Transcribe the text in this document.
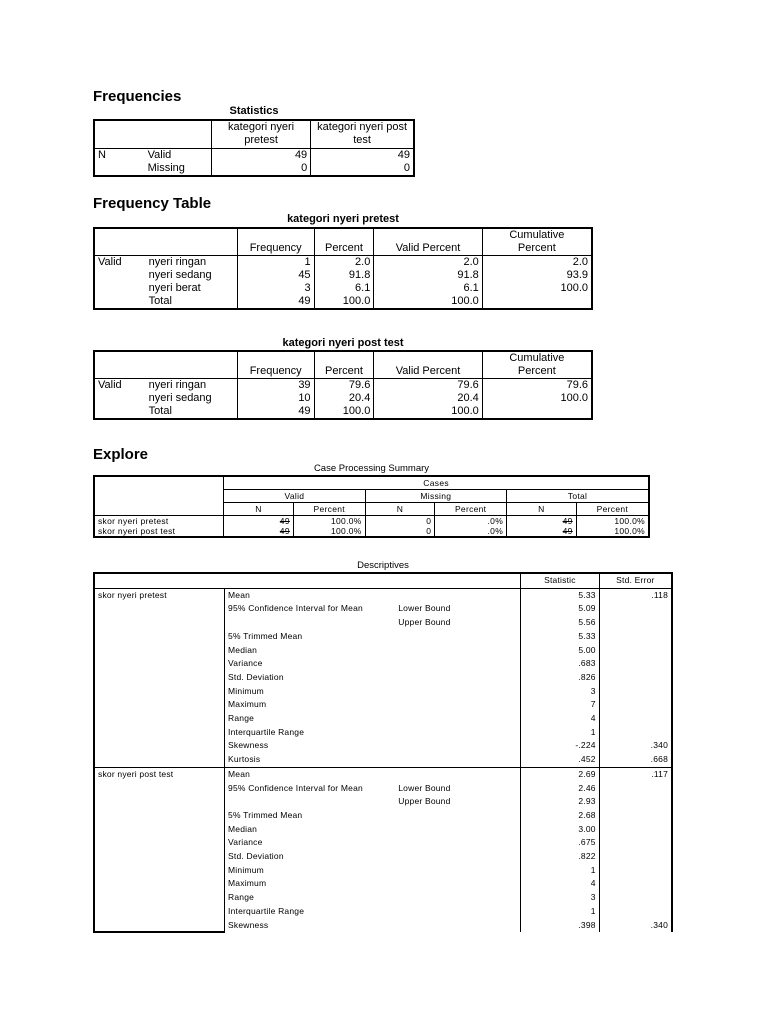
Frequencies
Statistics
		kategori nyeri pretest	kategori nyeri post test
N	Valid	49	49
	Missing	0	0
Frequency Table
kategori nyeri pretest
		Frequency	Percent	Valid Percent	Cumulative Percent
Valid	nyeri ringan	1	2.0	2.0	2.0
	nyeri sedang	45	91.8	91.8	93.9
	nyeri berat	3	6.1	6.1	100.0
	Total	49	100.0	100.0	
kategori nyeri post test
		Frequency	Percent	Valid Percent	Cumulative Percent
Valid	nyeri ringan	39	79.6	79.6	79.6
	nyeri sedang	10	20.4	20.4	100.0
	Total	49	100.0	100.0	
Explore
Case Processing Summary
	Cases					
	Valid		Missing		Total	
	N	Percent	N	Percent	N	Percent
skor nyeri pretest	49	100.0%	0	.0%	49	100.0%
skor nyeri post test	49	100.0%	0	.0%	49	100.0%
Descriptives
			Statistic	Std. Error
skor nyeri pretest	Mean		5.33	.118
	95% Confidence Interval for Mean	Lower Bound	5.09	
		Upper Bound	5.56	
	5% Trimmed Mean		5.33	
	Median		5.00	
	Variance		.683	
	Std. Deviation		.826	
	Minimum		3	
	Maximum		7	
	Range		4	
	Interquartile Range		1	
	Skewness		-.224	.340
	Kurtosis		.452	.668
skor nyeri post test	Mean		2.69	.117
	95% Confidence Interval for Mean	Lower Bound	2.46	
		Upper Bound	2.93	
	5% Trimmed Mean		2.68	
	Median		3.00	
	Variance		.675	
	Std. Deviation		.822	
	Minimum		1	
	Maximum		4	
	Range		3	
	Interquartile Range		1	
	Skewness		.398	.340
